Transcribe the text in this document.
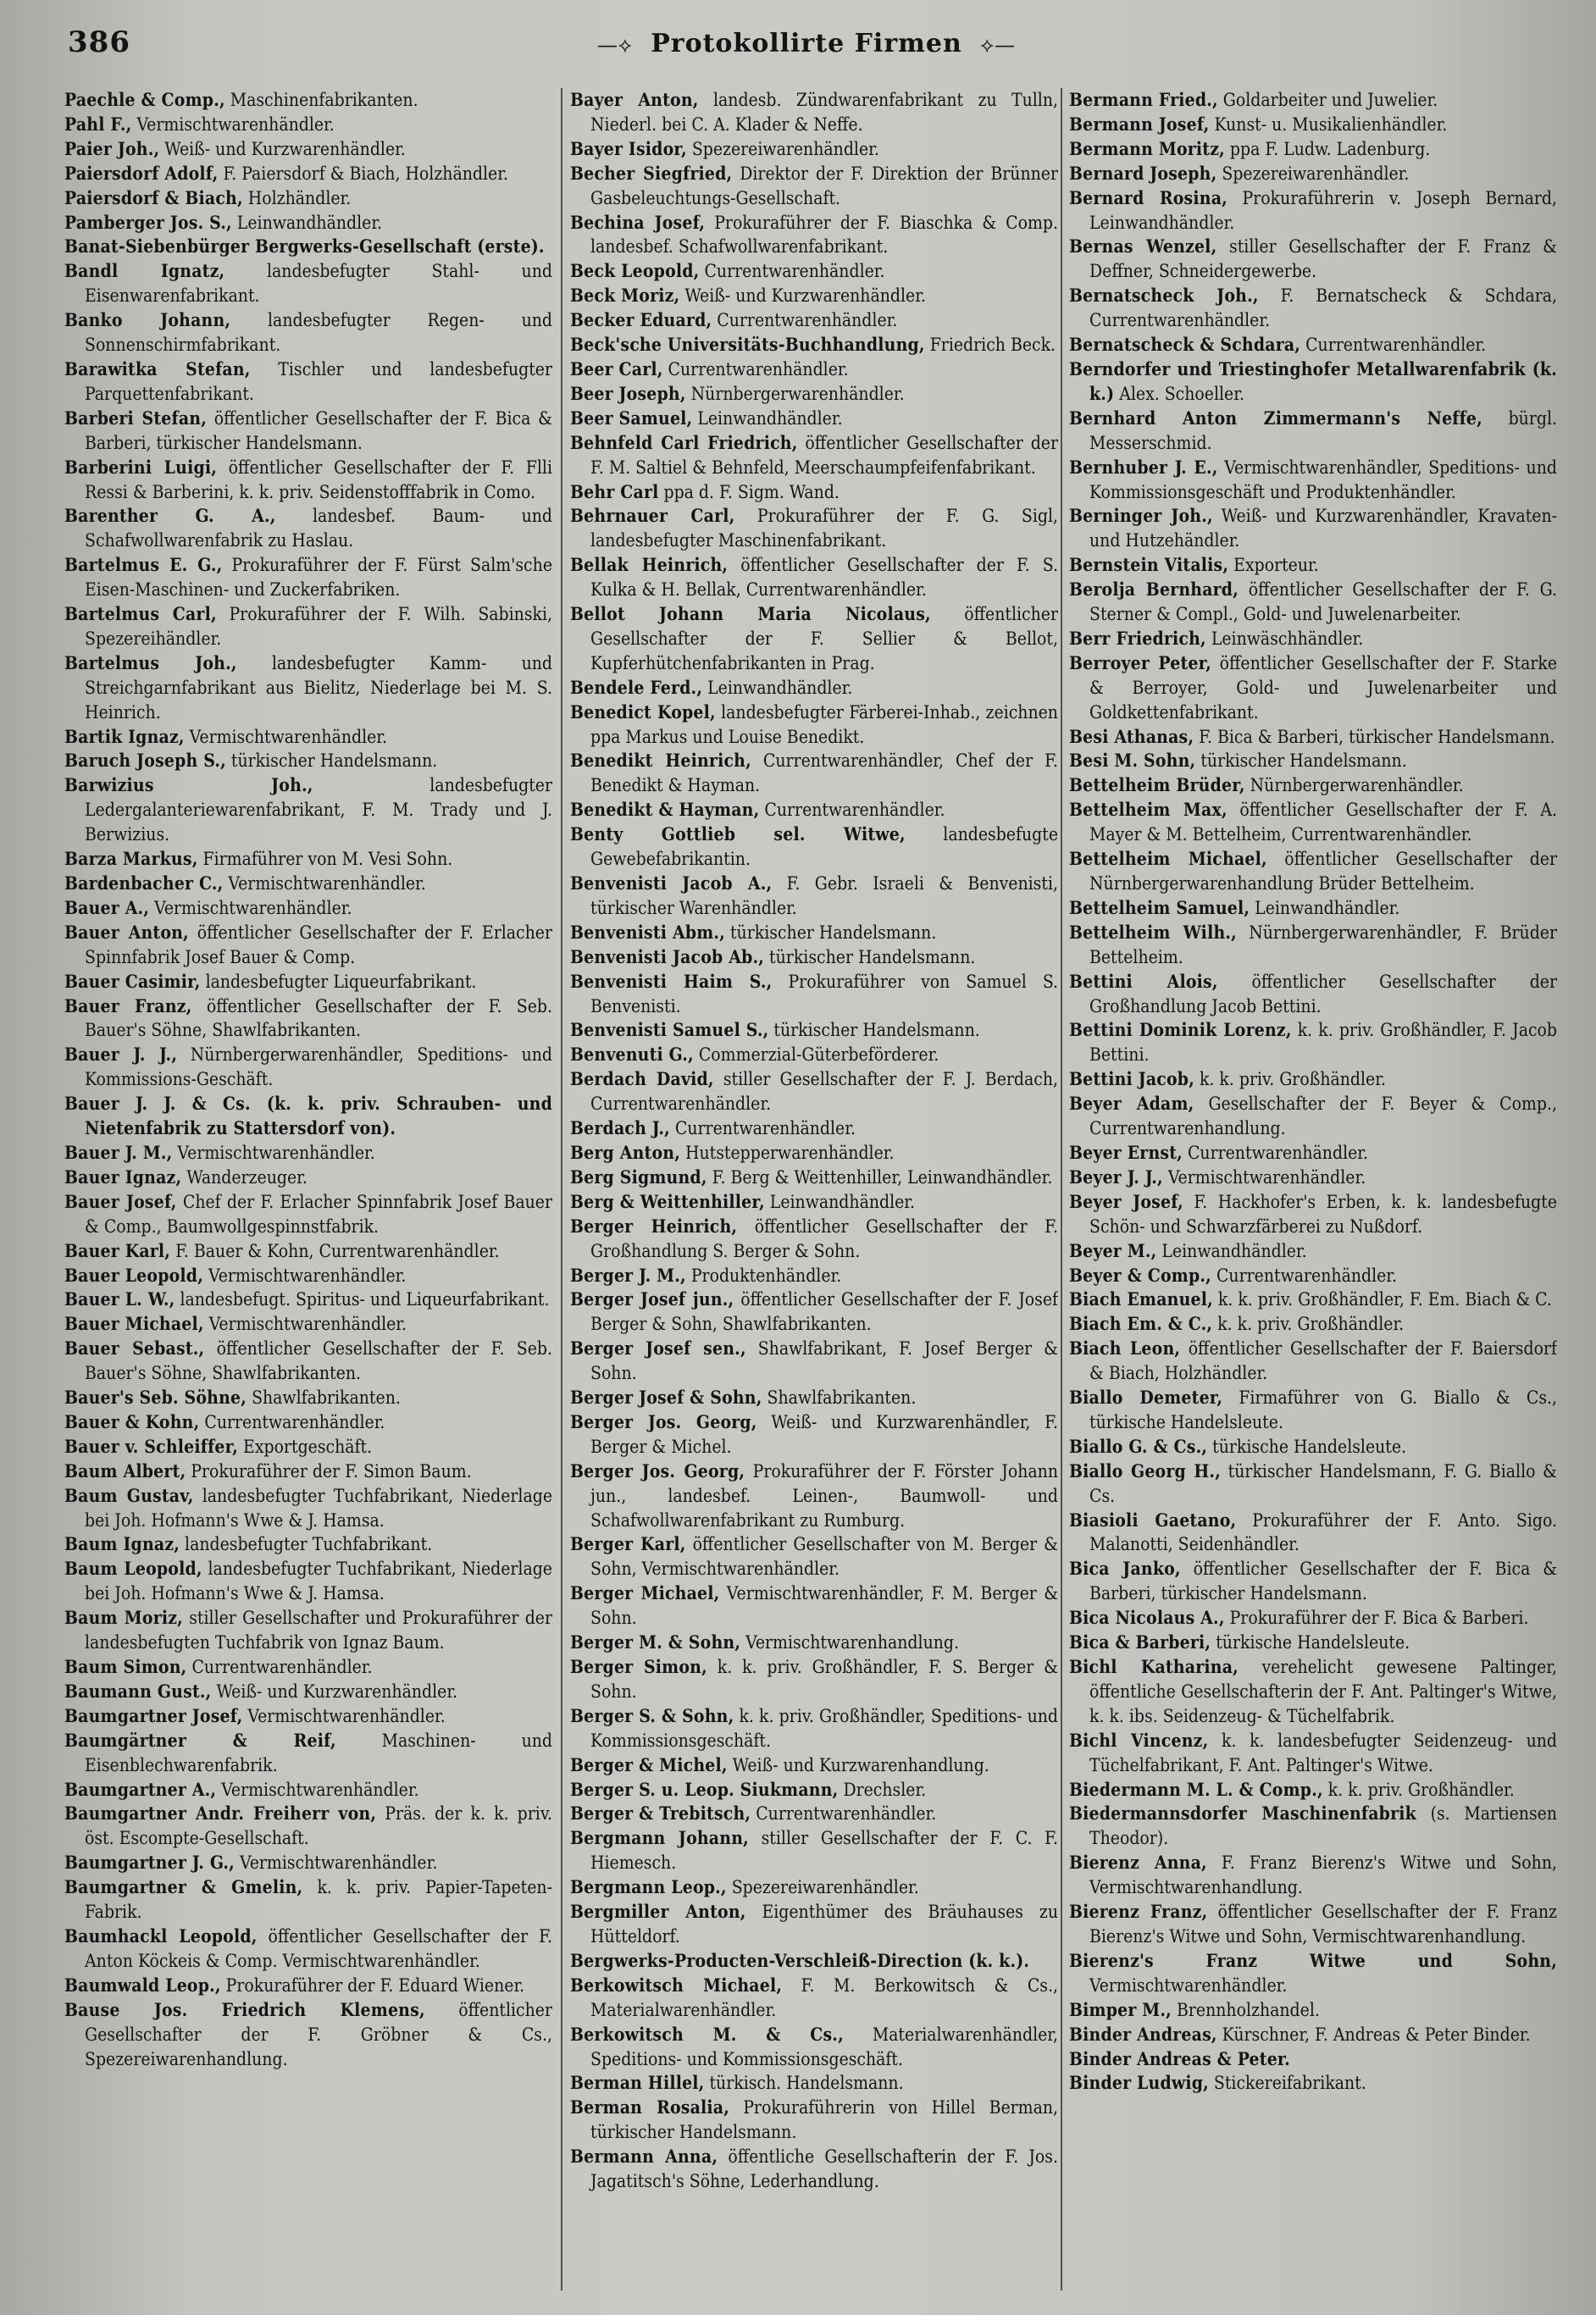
386	—⟡ Protokollirte Firmen ⟡—

Paechle & Comp., Maschinenfabrikanten.

Pahl F., Vermischtwarenhändler.

Paier Joh., Weiß- und Kurzwarenhändler.

Paiersdorf Adolf, F. Paiersdorf & Biach, Holzhändler.

Paiersdorf & Biach, Holzhändler.

Pamberger Jos. S., Leinwandhändler.

Banat-Siebenbürger Bergwerks-Gesellschaft (erste).

Bandl Ignatz, landesbefugter Stahl- und Eisenwarenfabrikant.

Banko Johann, landesbefugter Regen- und Sonnenschirmfabrikant.

Barawitka Stefan, Tischler und landesbefugter Parquettenfabrikant.

Barberi Stefan, öffentlicher Gesellschafter der F. Bica & Barberi, türkischer Handelsmann.

Barberini Luigi, öffentlicher Gesellschafter der F. Flli Ressi & Barberini, k. k. priv. Seidenstofffabrik in Como.

Barenther G. A., landesbef. Baum- und Schafwollwarenfabrik zu Haslau.

Bartelmus E. G., Prokuraführer der F. Fürst Salm'sche Eisen-Maschinen- und Zuckerfabriken.

Bartelmus Carl, Prokuraführer der F. Wilh. Sabinski, Spezereihändler.

Bartelmus Joh., landesbefugter Kamm- und Streichgarnfabrikant aus Bielitz, Niederlage bei M. S. Heinrich.

Bartik Ignaz, Vermischtwarenhändler.

Baruch Joseph S., türkischer Handelsmann.

Barwizius Joh.,	landesbefugter Ledergalanteriewarenfabrikant, F. M. Trady und J. Berwizius.

Barza Markus, Firmaführer von M. Vesi Sohn.

Bardenbacher C., Vermischtwarenhändler.

Bauer A., Vermischtwarenhändler.

Bauer Anton, öffentlicher Gesellschafter der F. Erlacher Spinnfabrik Josef Bauer & Comp.

Bauer Casimir, landesbefugter Liqueurfabrikant.

Bauer Franz, öffentlicher Gesellschafter der F. Seb. Bauer's Söhne, Shawlfabrikanten.

Bauer J. J., Nürnbergerwarenhändler, Speditions- und Kommissions-Geschäft.

Bauer J. J. & Cs. (k. k. priv. Schrauben- und Nietenfabrik zu Stattersdorf von).

Bauer J. M., Vermischtwarenhändler.

Bauer Ignaz, Wanderzeuger.

Bauer Josef, Chef der F. Erlacher Spinnfabrik Josef Bauer & Comp., Baumwollgespinnstfabrik.

Bauer Karl, F. Bauer & Kohn, Currentwarenhändler.

Bauer Leopold, Vermischtwarenhändler.

Bauer L. W., landesbefugt. Spiritus- und Liqueurfabrikant.

Bauer Michael, Vermischtwarenhändler.

Bauer Sebast., öffentlicher Gesellschafter der F. Seb. Bauer's Söhne, Shawlfabrikanten.

Bauer's Seb. Söhne, Shawlfabrikanten.

Bauer & Kohn, Currentwarenhändler.

Bauer v. Schleiffer, Exportgeschäft.

Baum Albert, Prokuraführer der F. Simon Baum.

Baum Gustav, landesbefugter Tuchfabrikant, Niederlage bei Joh. Hofmann's Wwe & J. Hamsa.

Baum Ignaz, landesbefugter Tuchfabrikant.

Baum Leopold, landesbefugter Tuchfabrikant, Niederlage bei Joh. Hofmann's Wwe & J. Hamsa.

Baum Moriz, stiller Gesellschafter und Prokuraführer der landesbefugten Tuchfabrik von Ignaz Baum.

Baum Simon, Currentwarenhändler.

Baumann Gust., Weiß- und Kurzwarenhändler.

Baumgartner Josef, Vermischtwarenhändler.

Baumgärtner & Reif,	Maschinen- und Eisenblechwarenfabrik.

Baumgartner A., Vermischtwarenhändler.

Baumgartner Andr. Freiherr von, Präs. der k. k. priv. öst. Escompte-Gesellschaft.

Baumgartner J. G., Vermischtwarenhändler.

Baumgartner & Gmelin, k. k. priv. Papier-Tapeten-Fabrik.

Baumhackl Leopold, öffentlicher Gesellschafter der F. Anton Köckeis & Comp. Vermischtwarenhändler.

Baumwald Leop., Prokuraführer der F. Eduard Wiener.

Bause Jos. Friedrich Klemens, öffentlicher Gesellschafter der F. Gröbner & Cs., Spezereiwarenhandlung.

Bayer Anton, landesb. Zündwarenfabrikant zu Tulln, Niederl. bei C. A. Klader & Neffe.

Bayer Isidor, Spezereiwarenhändler.

Becher Siegfried, Direktor der F. Direktion der Brünner Gasbeleuchtungs-Gesellschaft.

Bechina Josef, Prokuraführer der F. Biaschka & Comp. landesbef. Schafwollwarenfabrikant.

Beck Leopold, Currentwarenhändler.

Beck Moriz, Weiß- und Kurzwarenhändler.

Becker Eduard, Currentwarenhändler.

Beck'sche Universitäts-Buchhandlung, Friedrich Beck.

Beer Carl, Currentwarenhändler.

Beer Joseph, Nürnbergerwarenhändler.

Beer Samuel, Leinwandhändler.

Behnfeld Carl Friedrich, öffentlicher Gesellschafter der F. M. Saltiel & Behnfeld, Meerschaumpfeifenfabrikant.

Behr Carl ppa d. F. Sigm. Wand.

Behrnauer Carl, Prokuraführer der F. G. Sigl, landesbefugter Maschinenfabrikant.

Bellak Heinrich, öffentlicher Gesellschafter der F. S. Kulka & H. Bellak, Currentwarenhändler.

Bellot Johann Maria Nicolaus, öffentlicher Gesellschafter der F. Sellier & Bellot, Kupferhütchenfabrikanten in Prag.

Bendele Ferd., Leinwandhändler.

Benedict Kopel, landesbefugter Färberei-Inhab., zeichnen ppa Markus und Louise Benedikt.

Benedikt Heinrich, Currentwarenhändler, Chef der F. Benedikt & Hayman.

Benedikt & Hayman, Currentwarenhändler.

Benty Gottlieb sel. Witwe, landesbefugte Gewebefabrikantin.

Benvenisti Jacob A., F. Gebr. Israeli & Benvenisti, türkischer Warenhändler.

Benvenisti Abm., türkischer Handelsmann.

Benvenisti Jacob Ab., türkischer Handelsmann.

Benvenisti Haim S., Prokuraführer von Samuel S. Benvenisti.

Benvenisti Samuel S., türkischer Handelsmann.

Benvenuti G., Commerzial-Güterbeförderer.

Berdach David, stiller Gesellschafter der F. J. Berdach, Currentwarenhändler.

Berdach J., Currentwarenhändler.

Berg Anton, Hutstepperwarenhändler.

Berg Sigmund, F. Berg & Weittenhiller, Leinwandhändler.

Berg & Weittenhiller, Leinwandhändler.

Berger Heinrich, öffentlicher Gesellschafter der F. Großhandlung S. Berger & Sohn.

Berger J. M., Produktenhändler.

Berger Josef jun., öffentlicher Gesellschafter der F. Josef Berger & Sohn, Shawlfabrikanten.

Berger Josef sen., Shawlfabrikant, F. Josef Berger & Sohn.

Berger Josef & Sohn, Shawlfabrikanten.

Berger Jos. Georg, Weiß- und Kurzwarenhändler, F. Berger & Michel.

Berger Jos. Georg, Prokuraführer der F. Förster Johann jun., landesbef. Leinen-, Baumwoll- und Schafwollwarenfabrikant zu Rumburg.

Berger Karl, öffentlicher Gesellschafter von M. Berger & Sohn, Vermischtwarenhändler.

Berger Michael, Vermischtwarenhändler, F. M. Berger & Sohn.

Berger M. & Sohn, Vermischtwarenhandlung.

Berger Simon, k. k. priv. Großhändler, F. S. Berger & Sohn.

Berger S. & Sohn, k. k. priv. Großhändler, Speditions- und Kommissionsgeschäft.

Berger & Michel, Weiß- und Kurzwarenhandlung.

Berger S. u. Leop. Siukmann, Drechsler.

Berger & Trebitsch, Currentwarenhändler.

Bergmann Johann, stiller Gesellschafter der F. C. F. Hiemesch.

Bergmann Leop., Spezereiwarenhändler.

Bergmiller Anton, Eigenthümer des Bräuhauses zu Hütteldorf.

Bergwerks-Producten-Verschleiß-Direction (k. k.).

Berkowitsch Michael, F. M. Berkowitsch & Cs., Materialwarenhändler.

Berkowitsch M. & Cs., Materialwarenhändler, Speditions- und Kommissionsgeschäft.

Berman Hillel, türkisch. Handelsmann.

Berman Rosalia, Prokuraführerin von Hillel Berman, türkischer Handelsmann.

Bermann Anna, öffentliche Gesellschafterin der F. Jos. Jagatitsch's Söhne, Lederhandlung.

Bermann Fried., Goldarbeiter und Juwelier.

Bermann Josef, Kunst- u. Musikalienhändler.

Bermann Moritz, ppa F. Ludw. Ladenburg.

Bernard Joseph, Spezereiwarenhändler.

Bernard Rosina, Prokuraführerin v. Joseph Bernard, Leinwandhändler.

Bernas Wenzel, stiller Gesellschafter der F. Franz & Deffner, Schneidergewerbe.

Bernatscheck Joh., F. Bernatscheck & Schdara, Currentwarenhändler.

Bernatscheck & Schdara, Currentwarenhändler.

Berndorfer und Triestinghofer Metallwarenfabrik (k. k.) Alex. Schoeller.

Bernhard Anton Zimmermann's Neffe, bürgl. Messerschmid.

Bernhuber J. E., Vermischtwarenhändler, Speditions- und Kommissionsgeschäft und Produktenhändler.

Berninger Joh., Weiß- und Kurzwarenhändler, Kravaten- und Hutzehändler.

Bernstein Vitalis, Exporteur.

Berolja Bernhard, öffentlicher Gesellschafter der F. G. Sterner & Compl., Gold- und Juwelenarbeiter.

Berr Friedrich, Leinwäschhändler.

Berroyer Peter, öffentlicher Gesellschafter der F. Starke & Berroyer, Gold- und Juwelenarbeiter und Goldkettenfabrikant.

Besi Athanas, F. Bica & Barberi, türkischer Handelsmann.

Besi M. Sohn, türkischer Handelsmann.

Bettelheim Brüder, Nürnbergerwarenhändler.

Bettelheim Max, öffentlicher Gesellschafter der F. A. Mayer & M. Bettelheim, Currentwarenhändler.

Bettelheim Michael, öffentlicher Gesellschafter der Nürnbergerwarenhandlung Brüder Bettelheim.

Bettelheim Samuel, Leinwandhändler.

Bettelheim Wilh., Nürnbergerwarenhändler, F. Brüder Bettelheim.

Bettini Alois, öffentlicher Gesellschafter der Großhandlung Jacob Bettini.

Bettini Dominik Lorenz, k. k. priv. Großhändler, F. Jacob Bettini.

Bettini Jacob, k. k. priv. Großhändler.

Beyer Adam, Gesellschafter der F. Beyer & Comp., Currentwarenhandlung.

Beyer Ernst, Currentwarenhändler.

Beyer J. J., Vermischtwarenhändler.

Beyer Josef, F. Hackhofer's Erben, k. k. landesbefugte Schön- und Schwarzfärberei zu Nußdorf.

Beyer M., Leinwandhändler.

Beyer & Comp., Currentwarenhändler.

Biach Emanuel, k. k. priv. Großhändler, F. Em. Biach & C.

Biach Em. & C., k. k. priv. Großhändler.

Biach Leon, öffentlicher Gesellschafter der F. Baiersdorf & Biach, Holzhändler.

Biallo Demeter, Firmaführer von G. Biallo & Cs., türkische Handelsleute.

Biallo G. & Cs., türkische Handelsleute.

Biallo Georg H., türkischer Handelsmann, F. G. Biallo & Cs.

Biasioli Gaetano, Prokuraführer der F. Anto. Sigo. Malanotti, Seidenhändler.

Bica Janko, öffentlicher Gesellschafter der F. Bica & Barberi, türkischer Handelsmann.

Bica Nicolaus A., Prokuraführer der F. Bica & Barberi.

Bica & Barberi, türkische Handelsleute.

Bichl Katharina, verehelicht gewesene Paltinger, öffentliche Gesellschafterin der F. Ant. Paltinger's Witwe, k. k. ibs. Seidenzeug- & Tüchelfabrik.

Bichl Vincenz, k. k. landesbefugter Seidenzeug- und Tüchelfabrikant, F. Ant. Paltinger's Witwe.

Biedermann M. L. & Comp., k. k. priv. Großhändler.

Biedermannsdorfer Maschinenfabrik (s. Martiensen Theodor).

Bierenz Anna, F. Franz Bierenz's Witwe und Sohn, Vermischtwarenhandlung.

Bierenz Franz, öffentlicher Gesellschafter der F. Franz Bierenz's Witwe und Sohn, Vermischtwarenhandlung.

Bierenz's Franz Witwe und Sohn, Vermischtwarenhändler.

Bimper M., Brennholzhandel.

Binder Andreas, Kürschner, F. Andreas & Peter Binder.

Binder Andreas & Peter.

Binder Ludwig, Stickereifabrikant.
